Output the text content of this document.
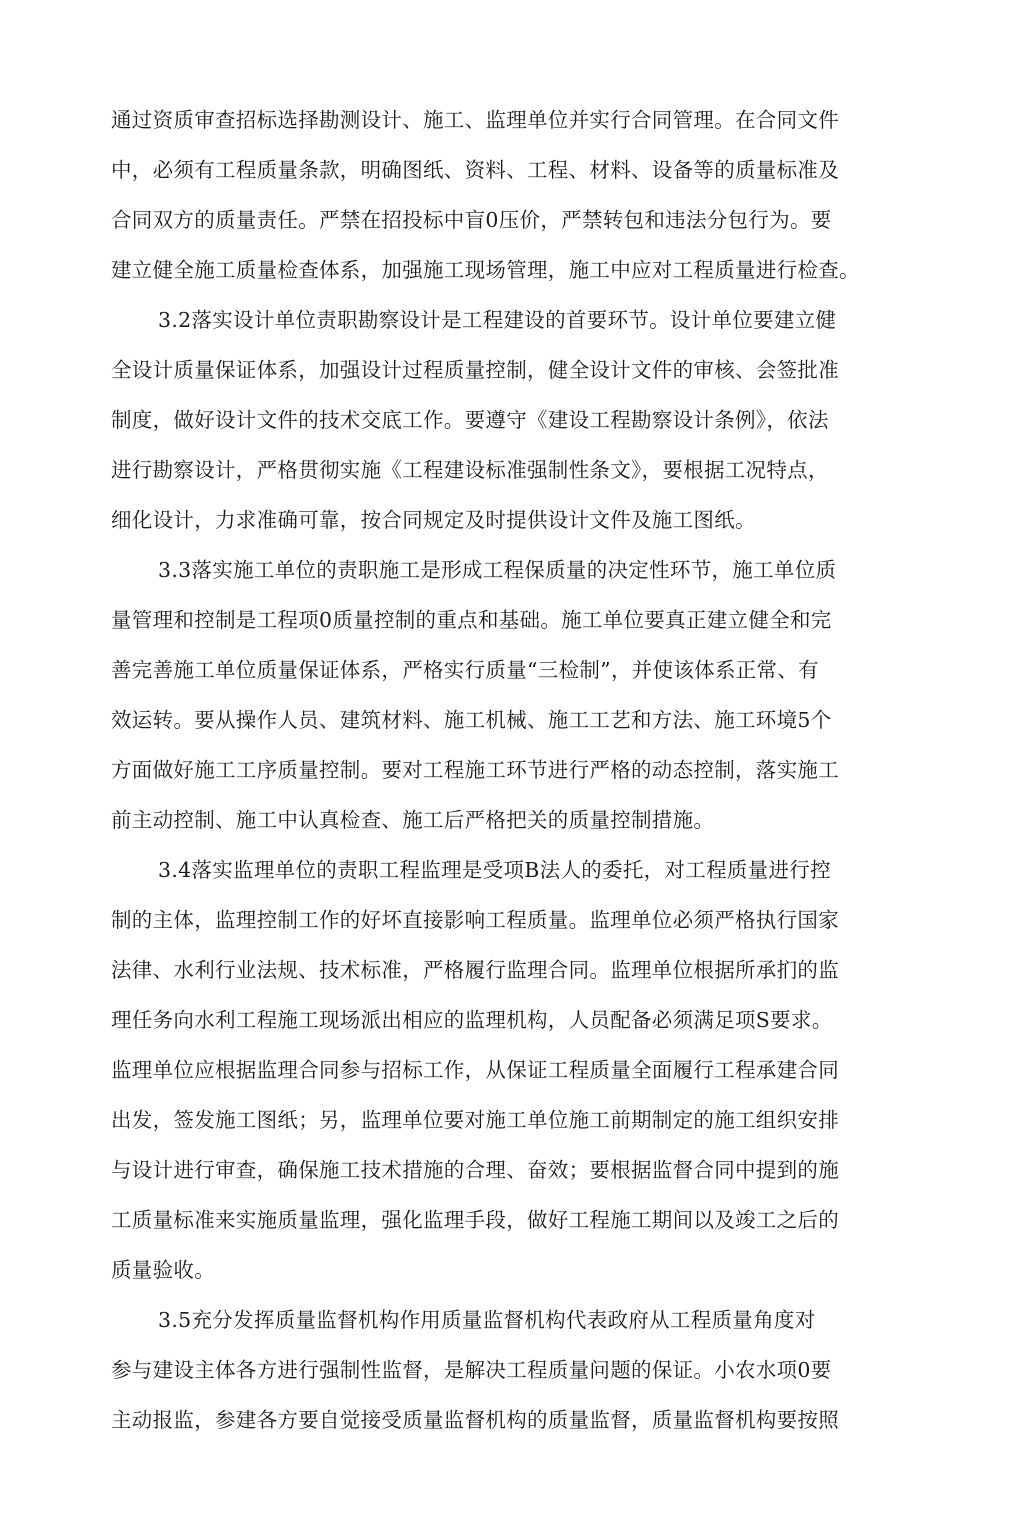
通过资质审查招标选择勘测设计、施工、监理单位并实行合同管理。在合同文件
中，必须有工程质量条款，明确图纸、资料、工程、材料、设备等的质量标准及
合同双方的质量责任。严禁在招投标中盲0压价，严禁转包和违法分包行为。要
建立健全施工质量检查体系，加强施工现场管理，施工中应对工程质量进行检查。
3.2落实设计单位责职勘察设计是工程建设的首要环节。设计单位要建立健
全设计质量保证体系，加强设计过程质量控制，健全设计文件的审核、会签批准
制度，做好设计文件的技术交底工作。要遵守《建设工程勘察设计条例》，依法
进行勘察设计，严格贯彻实施《工程建设标准强制性条文》，要根据工况特点，
细化设计，力求准确可靠，按合同规定及时提供设计文件及施工图纸。
3.3落实施工单位的责职施工是形成工程保质量的决定性环节，施工单位质
量管理和控制是工程项0质量控制的重点和基础。施工单位要真正建立健全和完
善完善施工单位质量保证体系，严格实行质量“三检制”，并使该体系正常、有
效运转。要从操作人员、建筑材料、施工机械、施工工艺和方法、施工环境5个
方面做好施工工序质量控制。要对工程施工环节进行严格的动态控制，落实施工
前主动控制、施工中认真检查、施工后严格把关的质量控制措施。
3.4落实监理单位的责职工程监理是受项B法人的委托，对工程质量进行控
制的主体，监理控制工作的好坏直接影响工程质量。监理单位必须严格执行国家
法律、水利行业法规、技术标准，严格履行监理合同。监理单位根据所承扪的监
理任务向水利工程施工现场派出相应的监理机构，人员配备必须满足项S要求。
监理单位应根据监理合同参与招标工作，从保证工程质量全面履行工程承建合同
出发，签发施工图纸；另，监理单位要对施工单位施工前期制定的施工组织安排
与设计进行审查，确保施工技术措施的合理、奋效；要根据监督合同中提到的施
工质量标准来实施质量监理，强化监理手段，做好工程施工期间以及竣工之后的
质量验收。
3.5充分发挥质量监督机构作用质量监督机构代表政府从工程质量角度对
参与建设主体各方进行强制性监督，是解决工程质量问题的保证。小农水项0要
主动报监，参建各方要自觉接受质量监督机构的质量监督，质量监督机构要按照
